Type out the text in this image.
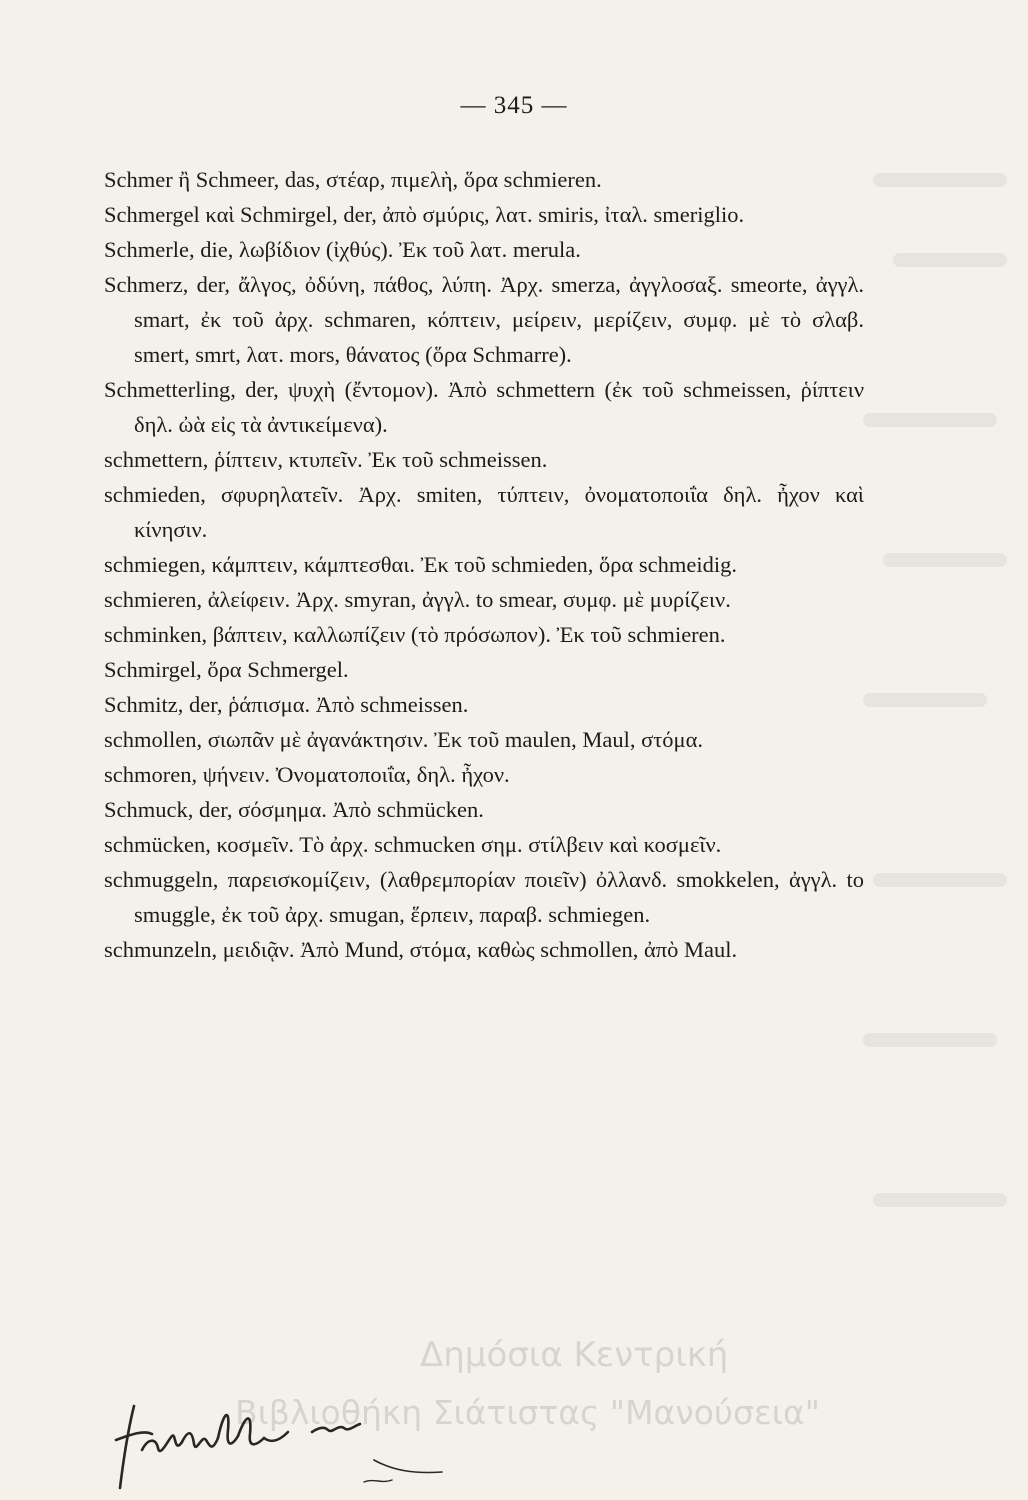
— 345 —

Schmer ἢ Schmeer, das, στέαρ, πιμελὴ, ὅρα schmieren.

Schmergel καὶ Schmirgel, der, ἀπὸ σμύρις, λατ. smiris, ἰταλ. smeriglio.

Schmerle, die, λωβίδιον (ἰχθύς). Ἐκ τοῦ λατ. merula.

Schmerz, der, ἄλγος, ὀδύνη, πάθος, λύπη. Ἀρχ. smerza, ἀγγλοσαξ. smeorte, ἀγγλ. smart, ἐκ τοῦ ἀρχ. schmaren, κόπτειν, μείρειν, μερίζειν, συμφ. μὲ τὸ σλαβ. smert, smrt, λατ. mors, θάνατος (ὅρα Schmarre).

Schmetterling, der, ψυχὴ (ἔντομον). Ἀπὸ schmettern (ἐκ τοῦ schmeissen, ῥίπτειν δηλ. ὠὰ εἰς τὰ ἀντικείμενα).

schmettern, ῥίπτειν, κτυπεῖν. Ἐκ τοῦ schmeissen.

schmieden, σφυρηλατεῖν. Ἀρχ. smiten, τύπτειν, ὀνοματοποιΐα δηλ. ἦχον καὶ κίνησιν.

schmiegen, κάμπτειν, κάμπτεσθαι. Ἐκ τοῦ schmieden, ὅρα schmeidig.

schmieren, ἀλείφειν. Ἀρχ. smyran, ἀγγλ. to smear, συμφ. μὲ μυρίζειν.

schminken, βάπτειν, καλλωπίζειν (τὸ πρόσωπον). Ἐκ τοῦ schmieren.

Schmirgel, ὅρα Schmergel.

Schmitz, der, ῥάπισμα. Ἀπὸ schmeissen.

schmollen, σιωπᾶν μὲ ἀγανάκτησιν. Ἐκ τοῦ maulen, Maul, στόμα.

schmoren, ψήνειν. Ὀνοματοποιΐα, δηλ. ἦχον.

Schmuck, der, σόσμημα. Ἀπὸ schmücken.

schmücken, κοσμεῖν. Τὸ ἀρχ. schmucken σημ. στίλβειν καὶ κοσμεῖν.

schmuggeln, παρεισκομίζειν, (λαθρεμπορίαν ποιεῖν) ὀλλανδ. smokkelen, ἀγγλ. to smuggle, ἐκ τοῦ ἀρχ. smugan, ἕρπειν, παραβ. schmiegen.

schmunzeln, μειδιᾷν. Ἀπὸ Mund, στόμα, καθὼς schmollen, ἀπὸ Maul.

Δημόσια Κεντρική
Βιβλιοθήκη Σιάτιστας "Μανούσεια"
